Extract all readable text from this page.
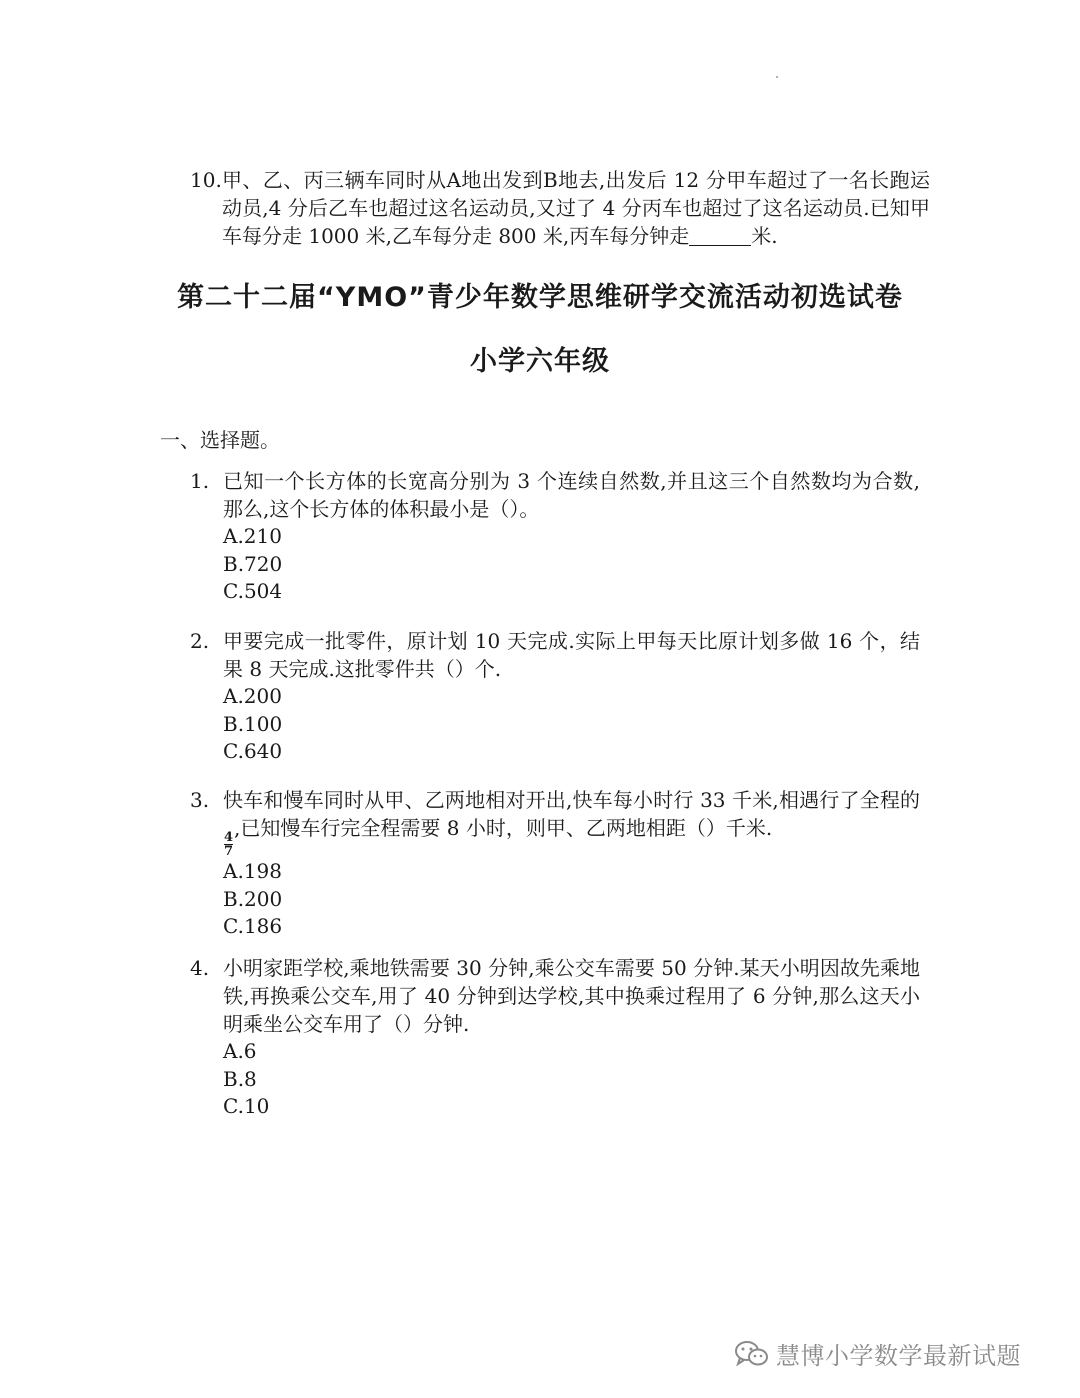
10. 甲、乙、丙三辆车同时从A地出发到B地去,出发后 12 分甲车超过了一名长跑运动员,4 分后乙车也超过这名运动员,又过了 4 分丙车也超过了这名运动员.已知甲车每分走 1000 米,乙车每分走 800 米,丙车每分钟走	米.
第二十二届“YMO”青少年数学思维研学交流活动初选试卷
小学六年级
一、选择题。
1. 已知一个长方体的长宽高分别为 3 个连续自然数,并且这三个自然数均为合数,那么,这个长方体的体积最小是（）。
A.210
B.720
C.504
2. 甲要完成一批零件，原计划 10 天完成.实际上甲每天比原计划多做 16 个，结果 8 天完成.这批零件共（）个.
A.200
B.100
C.640
3. 快车和慢车同时从甲、乙两地相对开出,快车每小时行 33 千米,相遇行了全程的
$\frac{4}{7}$
,已知慢车行完全程需要 8 小时，则甲、乙两地相距（）千米.
A.198
B.200
C.186
4. 小明家距学校,乘地铁需要 30 分钟,乘公交车需要 50 分钟.某天小明因故先乘地铁,再换乘公交车,用了 40 分钟到达学校,其中换乘过程用了 6 分钟,那么这天小明乘坐公交车用了（）分钟.
A.6
B.8
C.10
慧博小学数学最新试题
